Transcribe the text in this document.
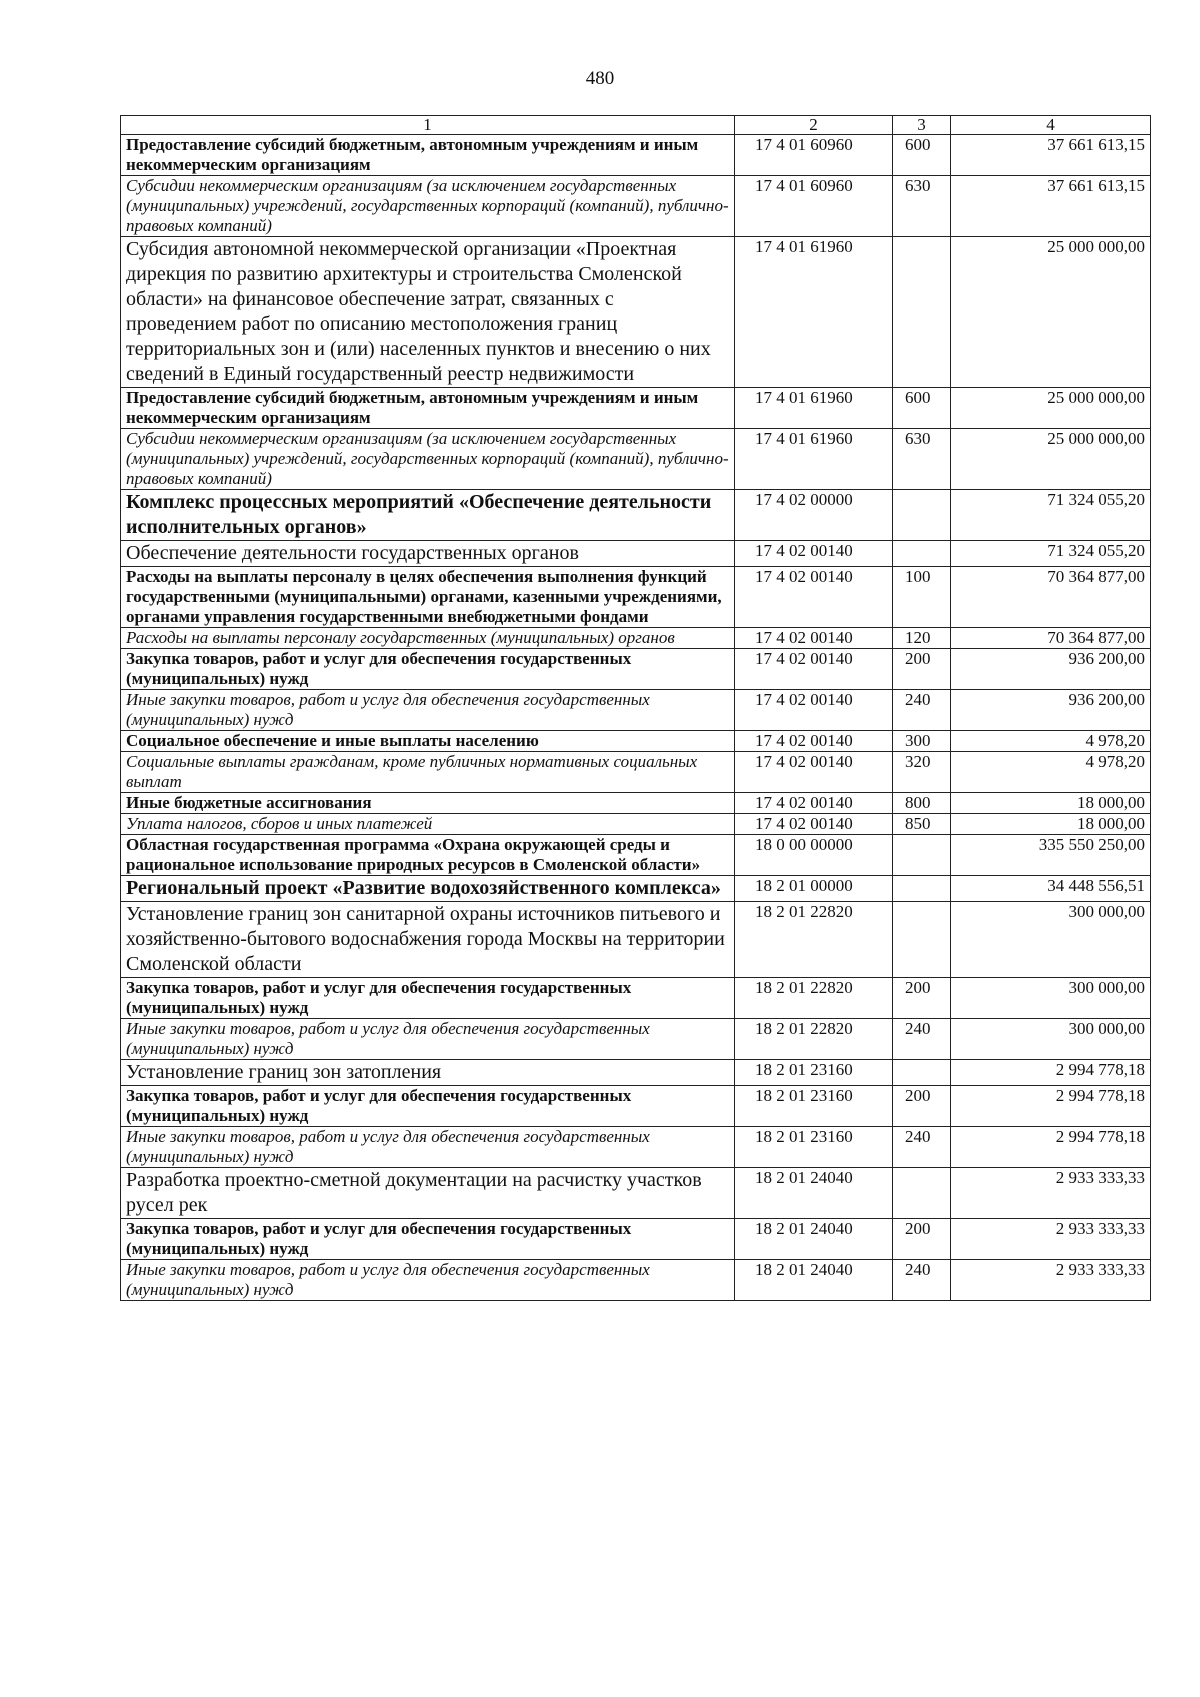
480
1	2	3	4
Предоставление субсидий бюджетным, автономным учреждениям и иным некоммерческим организациям	17 4 01 60960	600	37 661 613,15
Субсидии некоммерческим организациям (за исключением государственных (муниципальных) учреждений, государственных корпораций (компаний), публично-правовых компаний)	17 4 01 60960	630	37 661 613,15
Субсидия автономной некоммерческой организации «Проектная дирекция по развитию архитектуры и строительства Смоленской области» на финансовое обеспечение затрат, связанных с проведением работ по описанию местоположения границ территориальных зон и (или) населенных пунктов и внесению о них сведений в Единый государственный реестр недвижимости	17 4 01 61960		25 000 000,00
Предоставление субсидий бюджетным, автономным учреждениям и иным некоммерческим организациям	17 4 01 61960	600	25 000 000,00
Субсидии некоммерческим организациям (за исключением государственных (муниципальных) учреждений, государственных корпораций (компаний), публично-правовых компаний)	17 4 01 61960	630	25 000 000,00
Комплекс процессных мероприятий «Обеспечение деятельности исполнительных органов»	17 4 02 00000		71 324 055,20
Обеспечение деятельности государственных органов	17 4 02 00140		71 324 055,20
Расходы на выплаты персоналу в целях обеспечения выполнения функций государственными (муниципальными) органами, казенными учреждениями, органами управления государственными внебюджетными фондами	17 4 02 00140	100	70 364 877,00
Расходы на выплаты персоналу государственных (муниципальных) органов	17 4 02 00140	120	70 364 877,00
Закупка товаров, работ и услуг для обеспечения государственных (муниципальных) нужд	17 4 02 00140	200	936 200,00
Иные закупки товаров, работ и услуг для обеспечения государственных (муниципальных) нужд	17 4 02 00140	240	936 200,00
Социальное обеспечение и иные выплаты населению	17 4 02 00140	300	4 978,20
Социальные выплаты гражданам, кроме публичных нормативных социальных выплат	17 4 02 00140	320	4 978,20
Иные бюджетные ассигнования	17 4 02 00140	800	18 000,00
Уплата налогов, сборов и иных платежей	17 4 02 00140	850	18 000,00
Областная государственная программа «Охрана окружающей среды и рациональное использование природных ресурсов в Смоленской области»	18 0 00 00000		335 550 250,00
Региональный проект «Развитие водохозяйственного комплекса»	18 2 01 00000		34 448 556,51
Установление границ зон санитарной охраны источников питьевого и хозяйственно-бытового водоснабжения города Москвы на территории Смоленской области	18 2 01 22820		300 000,00
Закупка товаров, работ и услуг для обеспечения государственных (муниципальных) нужд	18 2 01 22820	200	300 000,00
Иные закупки товаров, работ и услуг для обеспечения государственных (муниципальных) нужд	18 2 01 22820	240	300 000,00
Установление границ зон затопления	18 2 01 23160		2 994 778,18
Закупка товаров, работ и услуг для обеспечения государственных (муниципальных) нужд	18 2 01 23160	200	2 994 778,18
Иные закупки товаров, работ и услуг для обеспечения государственных (муниципальных) нужд	18 2 01 23160	240	2 994 778,18
Разработка проектно-сметной документации на расчистку участков русел рек	18 2 01 24040		2 933 333,33
Закупка товаров, работ и услуг для обеспечения государственных (муниципальных) нужд	18 2 01 24040	200	2 933 333,33
Иные закупки товаров, работ и услуг для обеспечения государственных (муниципальных) нужд	18 2 01 24040	240	2 933 333,33
